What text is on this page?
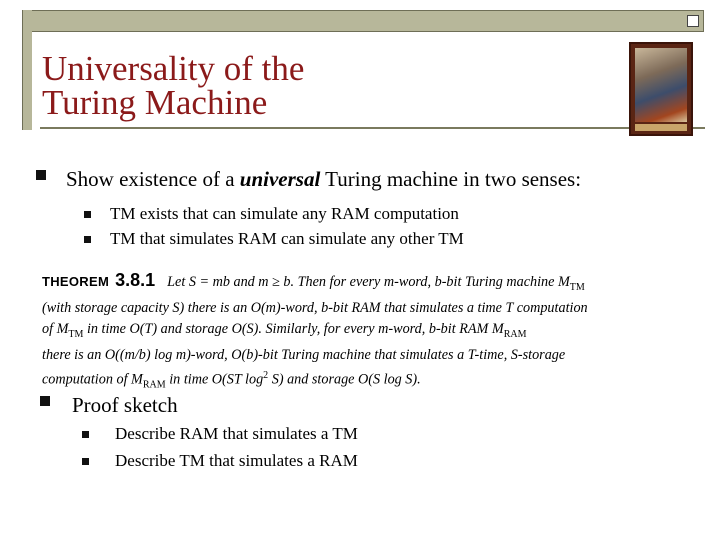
Universality of the
Turing Machine
Show existence of a universal Turing machine in two senses:
TM exists that can simulate any RAM computation
TM that simulates RAM can simulate any other TM
THEOREM 3.8.1 Let S = mb and m ≥ b. Then for every m-word, b-bit Turing machine $M_{TM}$
(with storage capacity S) there is an O(m)-word, b-bit RAM that simulates a time T computation
of $M_{TM}$ in time O(T) and storage O(S). Similarly, for every m-word, b-bit RAM $M_{RAM}$
there is an O((m/b) log m)-word, O(b)-bit Turing machine that simulates a T-time, S-storage
computation of $M_{RAM}$ in time O(ST $\log^2 S$) and storage O(S log S).
Proof sketch
Describe RAM that simulates a TM
Describe TM that simulates a RAM
